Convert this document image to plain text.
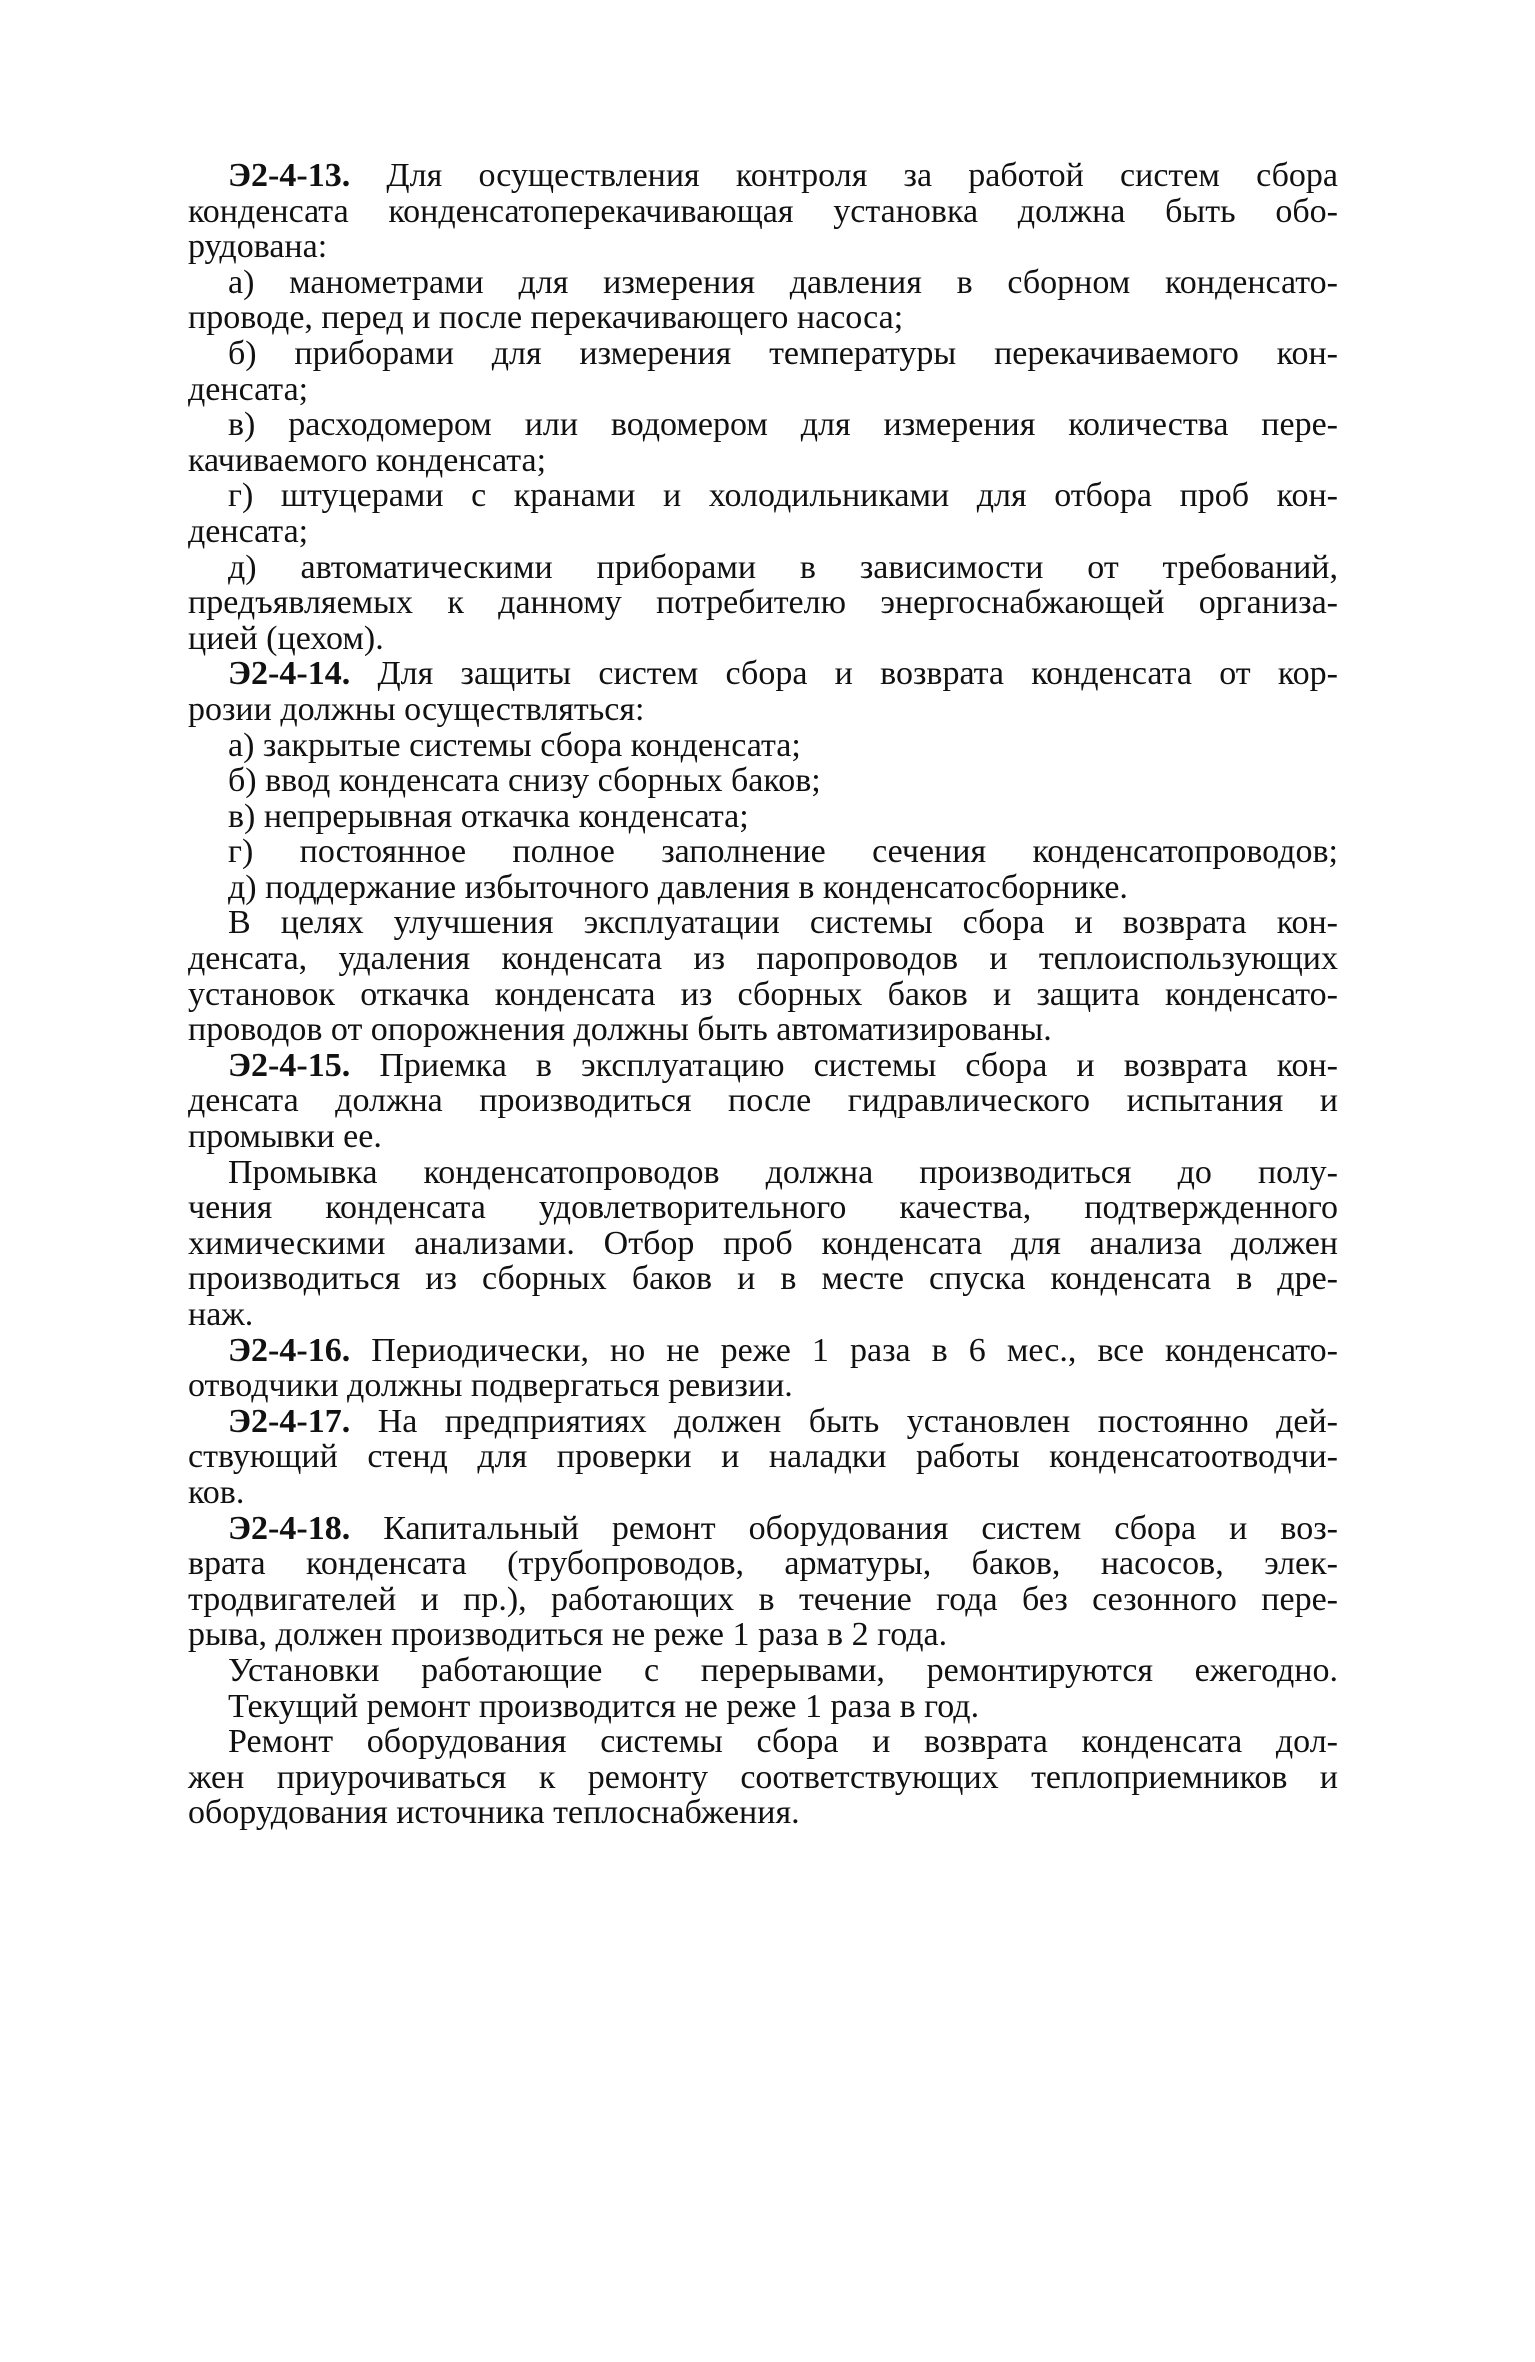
Э2-4-13. Для осуществления контроля за работой систем сбора
конденсата конденсатоперекачивающая установка должна быть обо-
рудована:
а) манометрами для измерения давления в сборном конденсато-
проводе, перед и после перекачивающего насоса;
б) приборами для измерения температуры перекачиваемого кон-
денсата;
в) расходомером или водомером для измерения количества пере-
качиваемого конденсата;
г) штуцерами с кранами и холодильниками для отбора проб кон-
денсата;
д) автоматическими приборами в зависимости от требований,
предъявляемых к данному потребителю энергоснабжающей организа-
цией (цехом).
Э2-4-14. Для защиты систем сбора и возврата конденсата от кор-
розии должны осуществляться:
а) закрытые системы сбора конденсата;
б) ввод конденсата снизу сборных баков;
в) непрерывная откачка конденсата;
г) постоянное полное заполнение сечения конденсатопроводов;
д) поддержание избыточного давления в конденсатосборнике.
В целях улучшения эксплуатации системы сбора и возврата кон-
денсата, удаления конденсата из паропроводов и теплоиспользующих
установок откачка конденсата из сборных баков и защита конденсато-
проводов от опорожнения должны быть автоматизированы.
Э2-4-15. Приемка в эксплуатацию системы сбора и возврата кон-
денсата должна производиться после гидравлического испытания и
промывки ее.
Промывка конденсатопроводов должна производиться до полу-
чения конденсата удовлетворительного качества, подтвержденного
химическими анализами. Отбор проб конденсата для анализа должен
производиться из сборных баков и в месте спуска конденсата в дре-
наж.
Э2-4-16. Периодически, но не реже 1 раза в 6 мес., все конденсато-
отводчики должны подвергаться ревизии.
Э2-4-17. На предприятиях должен быть установлен постоянно дей-
ствующий стенд для проверки и наладки работы конденсатоотводчи-
ков.
Э2-4-18. Капитальный ремонт оборудования систем сбора и воз-
врата конденсата (трубопроводов, арматуры, баков, насосов, элек-
тродвигателей и пр.), работающих в течение года без сезонного пере-
рыва, должен производиться не реже 1 раза в 2 года.
Установки работающие с перерывами, ремонтируются ежегодно.
Текущий ремонт производится не реже 1 раза в год.
Ремонт оборудования системы сбора и возврата конденсата дол-
жен приурочиваться к ремонту соответствующих теплоприемников и
оборудования источника теплоснабжения.
